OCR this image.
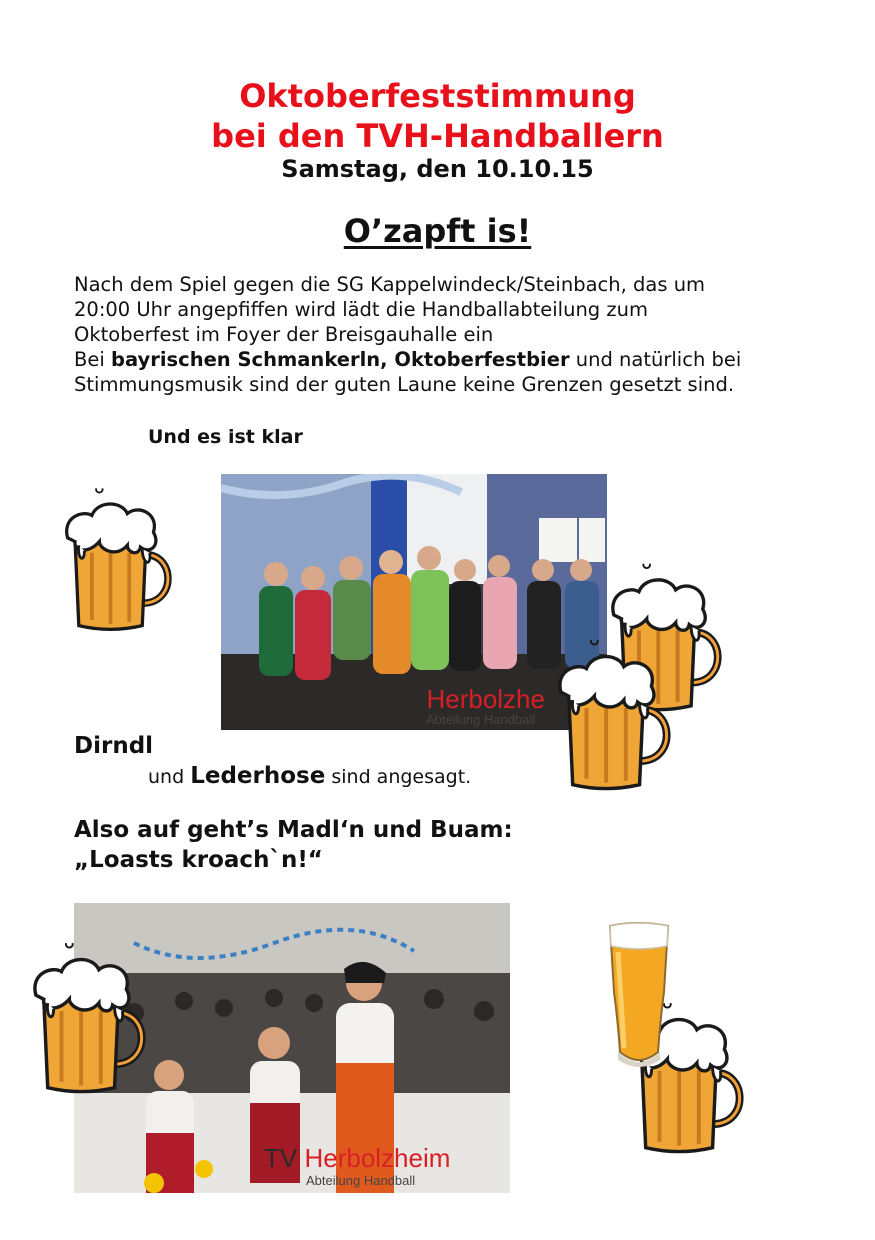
Oktoberfeststimmung
bei den TVH-Handballern
Samstag, den 10.10.15
O’zapft is!
Nach dem Spiel gegen die SG Kappelwindeck/Steinbach, das um
20:00 Uhr angepfiffen wird lädt die Handballabteilung zum
Oktoberfest im Foyer der Breisgauhalle ein
Bei bayrischen Schmankerln, Oktoberfestbier und natürlich bei
Stimmungsmusik sind der guten Laune keine Grenzen gesetzt sind.
Und es ist klar
TV Herbolzhe
Abteilung Handball
Dirndl
und Lederhose sind angesagt.
Also auf geht’s Madl‘n und Buam:
„Loasts kroach`n!“
TV Herbolzheim
Abteilung Handball
